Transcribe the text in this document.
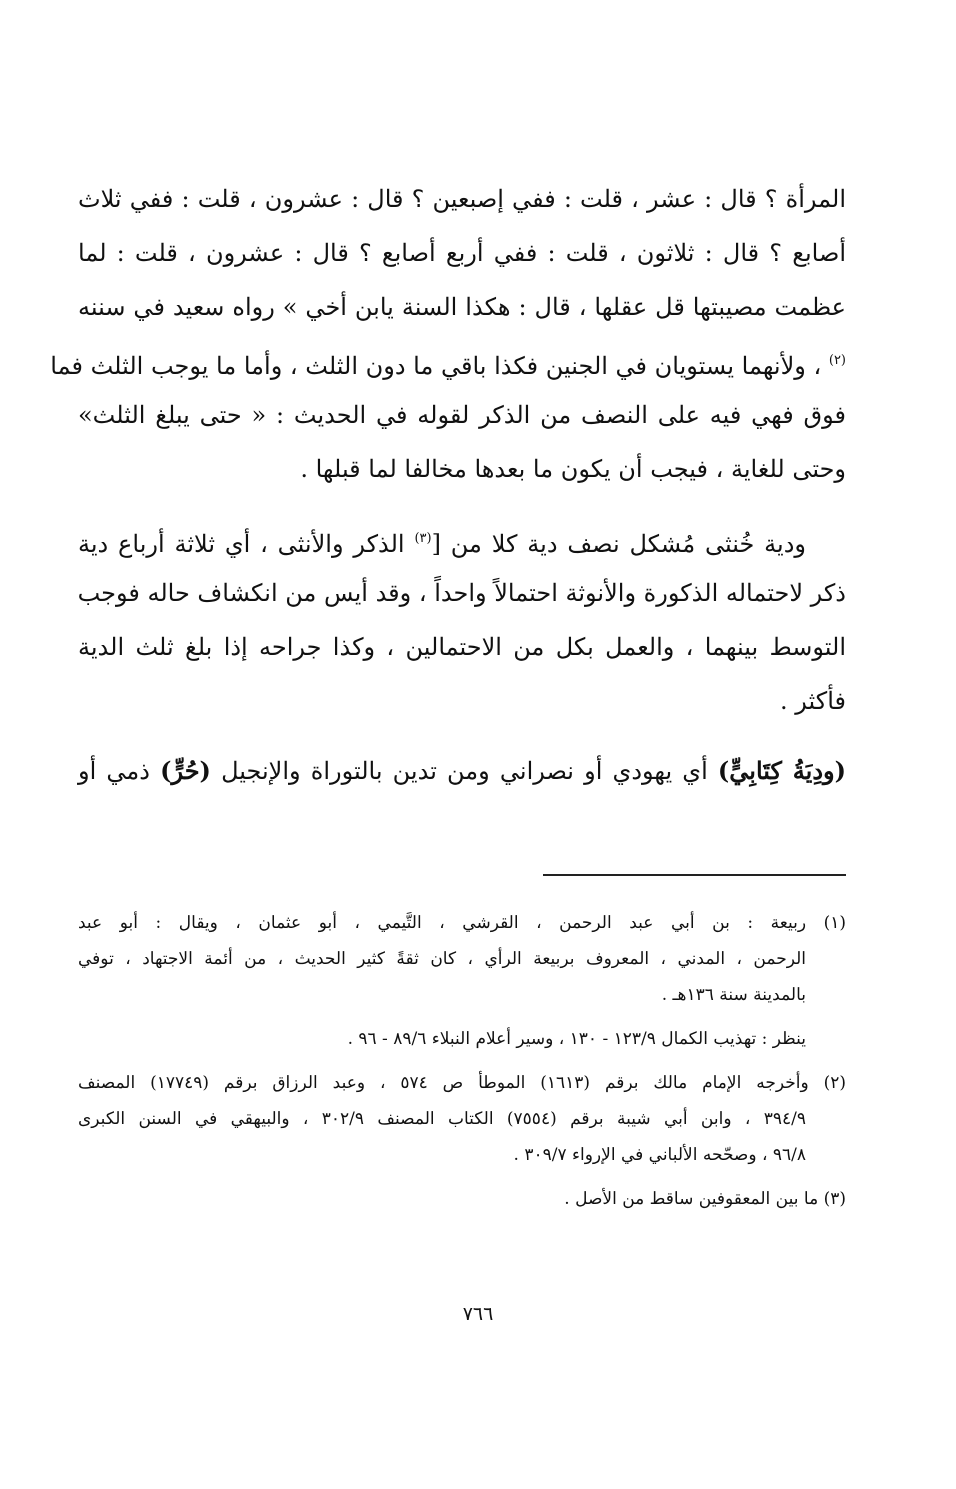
المرأة ؟ قال : عشر ، قلت : ففي إصبعين ؟ قال : عشرون ، قلت : ففي ثلاث
أصابع ؟ قال : ثلاثون ، قلت : ففي أربع أصابع ؟ قال : عشرون ، قلت : لما
عظمت مصيبتها قل عقلها ، قال : هكذا السنة يابن أخي » رواه سعيد في سننه
$^{(٢)}$ ، ولأنهما يستويان في الجنين فكذا باقي ما دون الثلث ، وأما ما يوجب الثلث فما
فوق فهي فيه على النصف من الذكر لقوله في الحديث : « حتى يبلغ الثلث»
وحتى للغاية ، فيجب أن يكون ما بعدها مخالفا لما قبلها .
ودية خُنثى مُشكل نصف دية كلا من [$^{(٣)}$ الذكر والأنثى ، أي ثلاثة أرباع دية
ذكر لاحتماله الذكورة والأنوثة احتمالاً واحداً ، وقد أيس من انكشاف حاله فوجب
التوسط بينهما ، والعمل بكل من الاحتمالين ، وكذا جراحه إذا بلغ ثلث الدية
فأكثر .
(ودِيَةُ كِتَابِيٍّ) أي يهودي أو نصراني ومن تدين بالتوراة والإنجيل (حُرٍّ) ذمي أو
(١) ربيعة : بن أبي عبد الرحمن ، القرشي ، التَّيمي ، أبو عثمان ، ويقال : أبو عبد
الرحمن ، المدني ، المعروف بربيعة الرأي ، كان ثقةً كثير الحديث ، من أئمة الاجتهاد ، توفي
بالمدينة سنة ١٣٦هـ .
ينظر : تهذيب الكمال ١٢٣/٩ - ١٣٠ ، وسير أعلام النبلاء ٨٩/٦ - ٩٦ .
(٢) وأخرجه الإمام مالك برقم (١٦١٣) الموطأ ص ٥٧٤ ، وعبد الرزاق برقم (١٧٧٤٩) المصنف
٣٩٤/٩ ، وابن أبي شيبة برقم (٧٥٥٤) الكتاب المصنف ٣٠٢/٩ ، والبيهقي في السنن الكبرى
٩٦/٨ ، وصحّحه الألباني في الإرواء ٣٠٩/٧ .
(٣) ما بين المعقوفين ساقط من الأصل .
٧٦٦
